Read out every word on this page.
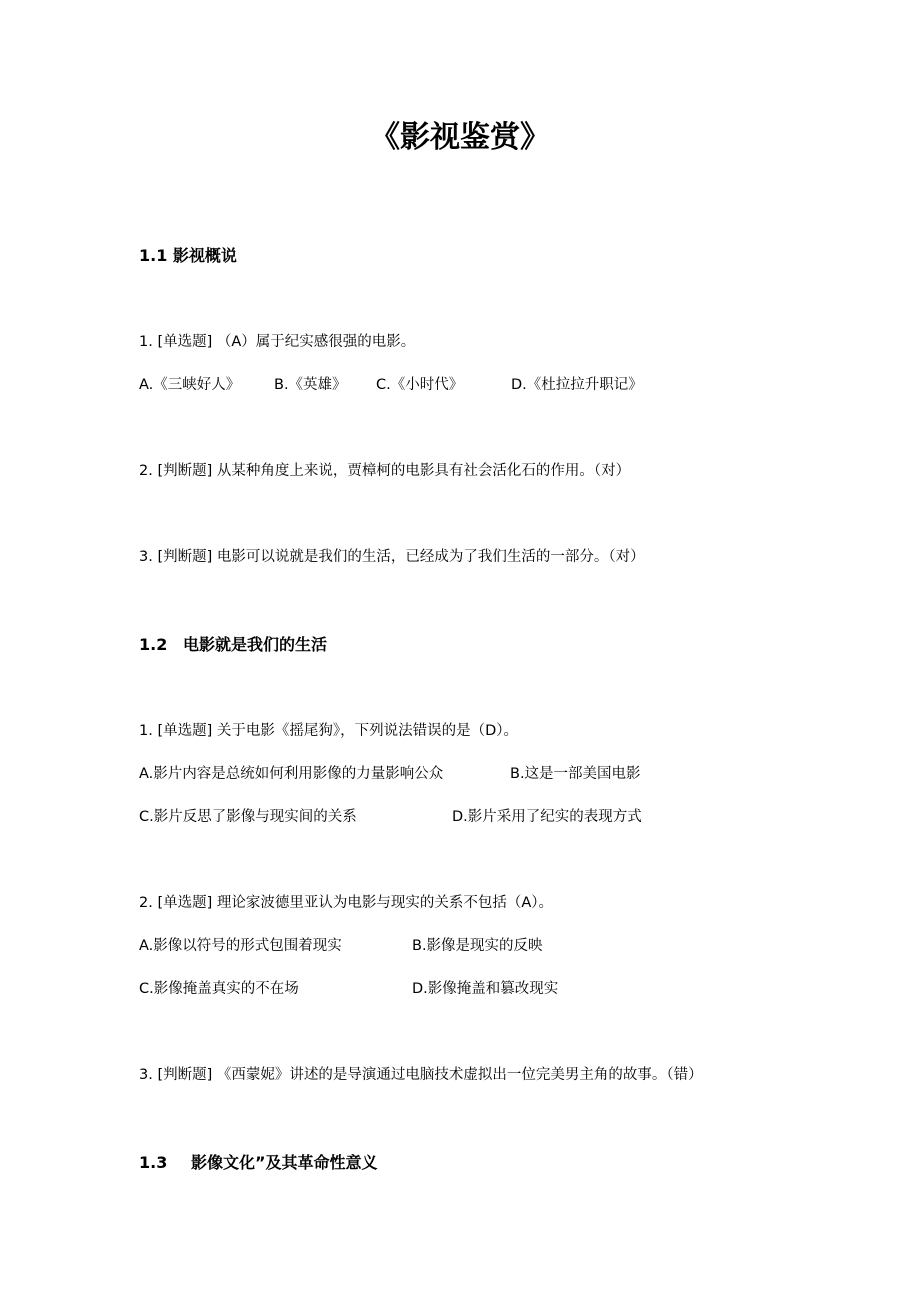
《影视鉴赏》
1.1 影视概说
1. [单选题] （A）属于纪实感很强的电影。
A.《三峡好人》 B.《英雄》 C.《小时代》	D.《杜拉拉升职记》
2. [判断题] 从某种角度上来说，贾樟柯的电影具有社会活化石的作用。（对）
3. [判断题] 电影可以说就是我们的生活，已经成为了我们生活的一部分。（对）
1.2 电影就是我们的生活
1. [单选题] 关于电影《摇尾狗》，下列说法错误的是（D）。
A.影片内容是总统如何利用影像的力量影响公众	B.这是一部美国电影
C.影片反思了影像与现实间的关系	D.影片采用了纪实的表现方式
2. [单选题] 理论家波德里亚认为电影与现实的关系不包括（A）。
A.影像以符号的形式包围着现实	B.影像是现实的反映
C.影像掩盖真实的不在场	D.影像掩盖和篡改现实
3. [判断题] 《西蒙妮》讲述的是导演通过电脑技术虚拟出一位完美男主角的故事。（错）
1.3 影像文化”及其革命性意义
